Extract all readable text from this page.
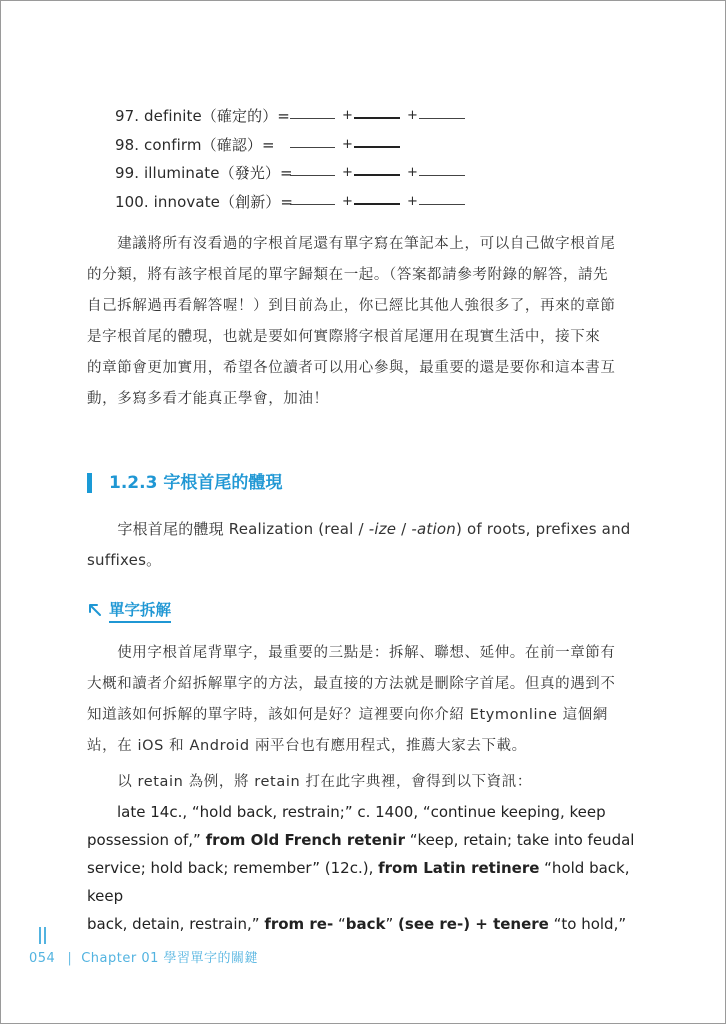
97. definite（確定的）=	+	+
98. confirm（確認）=	+
99. illuminate（發光）=	+	+
100. innovate（創新）=	+	+
　　建議將所有沒看過的字根首尾還有單字寫在筆記本上，可以自己做字根首尾
的分類，將有該字根首尾的單字歸類在一起。（答案都請參考附錄的解答，請先
自己拆解過再看解答喔！）到目前為止，你已經比其他人強很多了，再來的章節
是字根首尾的體現，也就是要如何實際將字根首尾運用在現實生活中，接下來
的章節會更加實用，希望各位讀者可以用心參與，最重要的還是要你和這本書互
動，多寫多看才能真正學會，加油！
1.2.3 字根首尾的體現
　　字根首尾的體現 Realization (real / -ize / -ation) of roots, prefixes and
suffixes。
單字拆解
　　使用字根首尾背單字，最重要的三點是：拆解、聯想、延伸。在前一章節有
大概和讀者介紹拆解單字的方法，最直接的方法就是刪除字首尾。但真的遇到不
知道該如何拆解的單字時，該如何是好？這裡要向你介紹 Etymonline 這個網
站，在 iOS 和 Android 兩平台也有應用程式，推薦大家去下載。
　　以 retain 為例，將 retain 打在此字典裡，會得到以下資訊：
　　late 14c., “hold back, restrain;” c. 1400, “continue keeping, keep
possession of,” from Old French retenir “keep, retain; take into feudal
service; hold back; remember” (12c.), from Latin retinere “hold back, keep
back, detain, restrain,” from re- “back” (see re-) + tenere “to hold,”
054 | Chapter 01 學習單字的關鍵
